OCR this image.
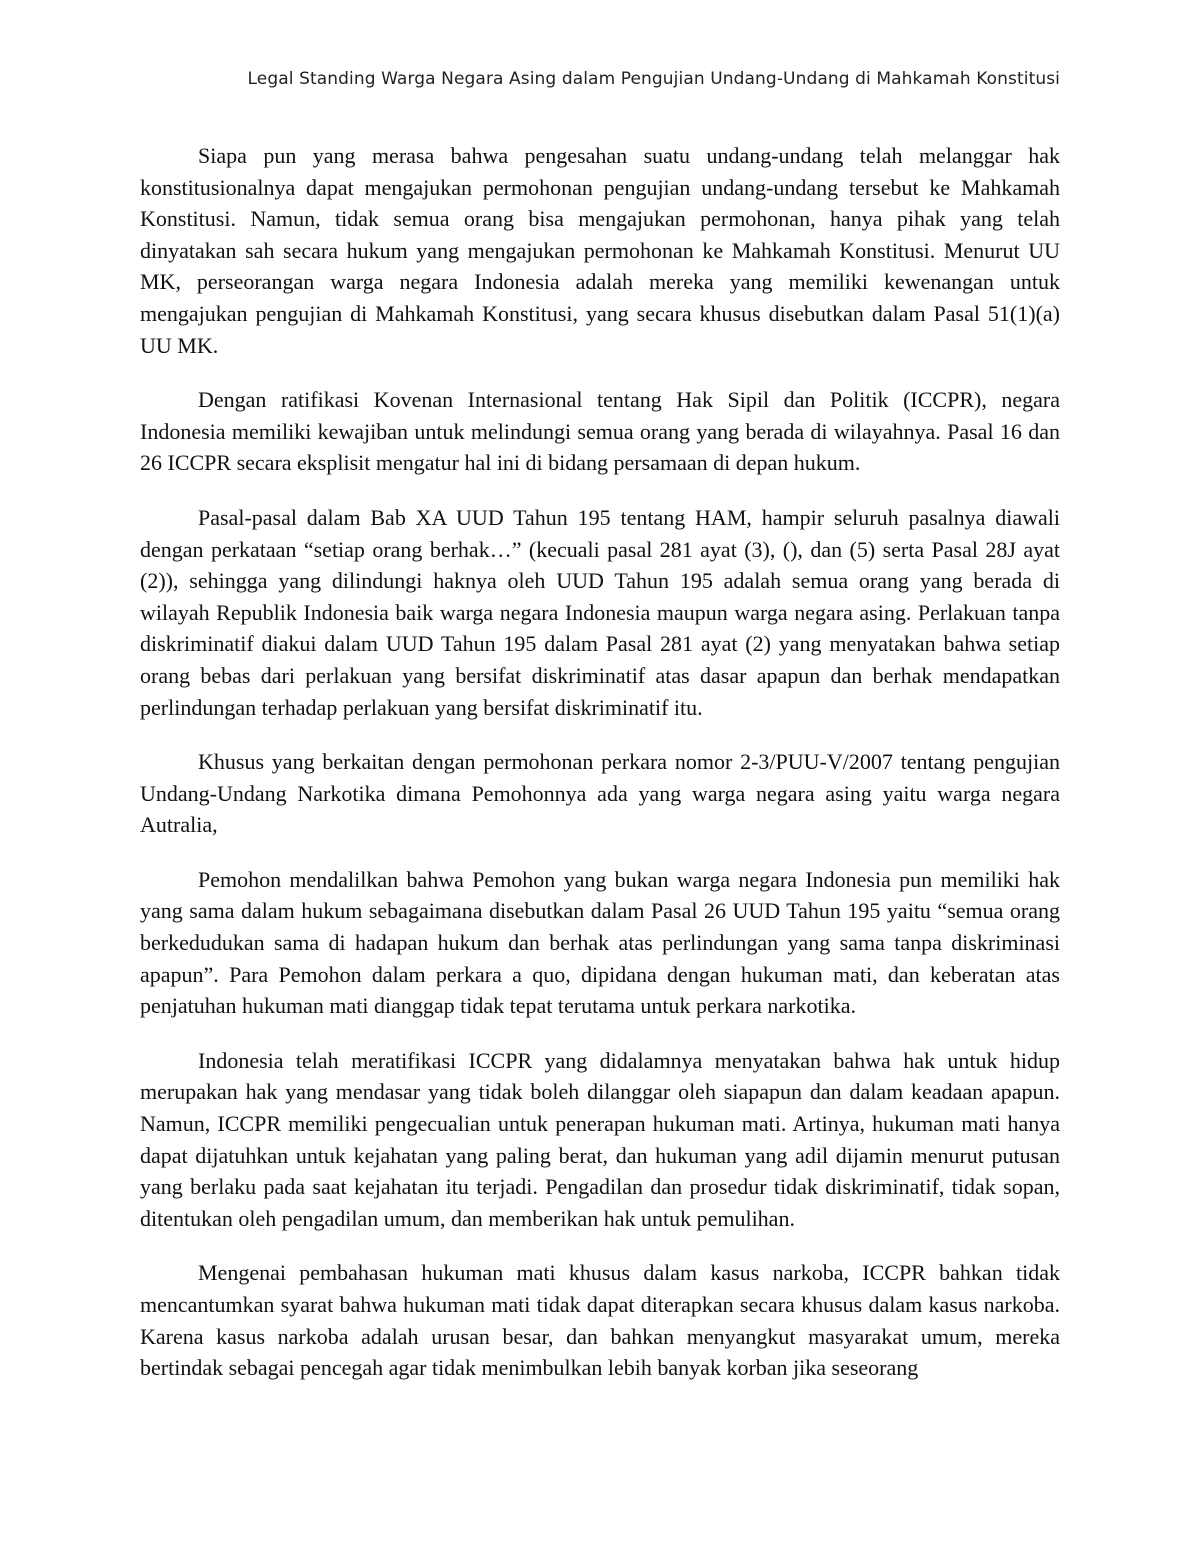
Legal Standing Warga Negara Asing dalam Pengujian Undang-Undang di Mahkamah Konstitusi

Siapa pun yang merasa bahwa pengesahan suatu undang-undang telah melanggar hak konstitusionalnya dapat mengajukan permohonan pengujian undang-undang tersebut ke Mahkamah Konstitusi. Namun, tidak semua orang bisa mengajukan permohonan, hanya pihak yang telah dinyatakan sah secara hukum yang mengajukan permohonan ke Mahkamah Konstitusi. Menurut UU MK, perseorangan warga negara Indonesia adalah mereka yang memiliki kewenangan untuk mengajukan pengujian di Mahkamah Konstitusi, yang secara khusus disebutkan dalam Pasal 51(1)(a) UU MK.

Dengan ratifikasi Kovenan Internasional tentang Hak Sipil dan Politik (ICCPR), negara Indonesia memiliki kewajiban untuk melindungi semua orang yang berada di wilayahnya. Pasal 16 dan 26 ICCPR secara eksplisit mengatur hal ini di bidang persamaan di depan hukum.

Pasal-pasal dalam Bab XA UUD Tahun 195 tentang HAM, hampir seluruh pasalnya diawali dengan perkataan “setiap orang berhak…” (kecuali pasal 281 ayat (3), (), dan (5) serta Pasal 28J ayat (2)), sehingga yang dilindungi haknya oleh UUD Tahun 195 adalah semua orang yang berada di wilayah Republik Indonesia baik warga negara Indonesia maupun warga negara asing. Perlakuan tanpa diskriminatif diakui dalam UUD Tahun 195 dalam Pasal 281 ayat (2) yang menyatakan bahwa setiap orang bebas dari perlakuan yang bersifat diskriminatif atas dasar apapun dan berhak mendapatkan perlindungan terhadap perlakuan yang bersifat diskriminatif itu.

Khusus yang berkaitan dengan permohonan perkara nomor 2-3/PUU-V/2007 tentang pengujian Undang-Undang Narkotika dimana Pemohonnya ada yang warga negara asing yaitu warga negara Autralia,

Pemohon mendalilkan bahwa Pemohon yang bukan warga negara Indonesia pun memiliki hak yang sama dalam hukum sebagaimana disebutkan dalam Pasal 26 UUD Tahun 195 yaitu “semua orang berkedudukan sama di hadapan hukum dan berhak atas perlindungan yang sama tanpa diskriminasi apapun”. Para Pemohon dalam perkara a quo, dipidana dengan hukuman mati, dan keberatan atas penjatuhan hukuman mati dianggap tidak tepat terutama untuk perkara narkotika.

Indonesia telah meratifikasi ICCPR yang didalamnya menyatakan bahwa hak untuk hidup merupakan hak yang mendasar yang tidak boleh dilanggar oleh siapapun dan dalam keadaan apapun. Namun, ICCPR memiliki pengecualian untuk penerapan hukuman mati. Artinya, hukuman mati hanya dapat dijatuhkan untuk kejahatan yang paling berat, dan hukuman yang adil dijamin menurut putusan yang berlaku pada saat kejahatan itu terjadi. Pengadilan dan prosedur tidak diskriminatif, tidak sopan, ditentukan oleh pengadilan umum, dan memberikan hak untuk pemulihan.

Mengenai pembahasan hukuman mati khusus dalam kasus narkoba, ICCPR bahkan tidak mencantumkan syarat bahwa hukuman mati tidak dapat diterapkan secara khusus dalam kasus narkoba. Karena kasus narkoba adalah urusan besar, dan bahkan menyangkut masyarakat umum, mereka bertindak sebagai pencegah agar tidak menimbulkan lebih banyak korban jika seseorang
